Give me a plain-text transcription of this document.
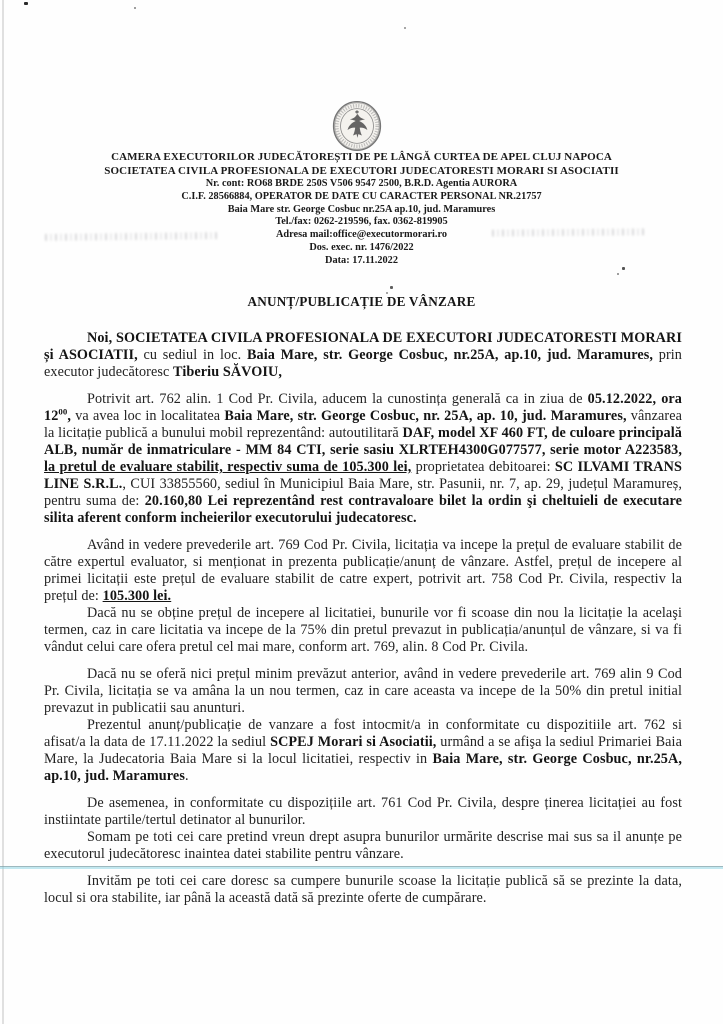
CAMERA EXECUTORILOR JUDECĂTOREȘTI DE PE LÂNGĂ CURTEA DE APEL CLUJ NAPOCA
SOCIETATEA CIVILA PROFESIONALA DE EXECUTORI JUDECATORESTI MORARI SI ASOCIATII
Nr. cont: RO68 BRDE 250S V506 9547 2500, B.R.D. Agentia AURORA
C.I.F. 28566884, OPERATOR DE DATE CU CARACTER PERSONAL NR.21757
Baia Mare str. George Cosbuc nr.25A ap.10, jud. Maramures
Tel./fax: 0262-219596, fax. 0362-819905
Adresa mail:office@executormorari.ro
Dos. exec. nr. 1476/2022
Data: 17.11.2022
ANUNȚ/PUBLICAȚIE DE VÂNZARE

Noi, SOCIETATEA CIVILA PROFESIONALA DE EXECUTORI JUDECATORESTI MORARI și ASOCIATII, cu sediul in loc. Baia Mare, str. George Cosbuc, nr.25A, ap.10, jud. Maramures, prin executor judecătoresc Tiberiu SĂVOIU,

Potrivit art. 762 alin. 1 Cod Pr. Civila, aducem la cunostința generală ca in ziua de 05.12.2022, ora $12^{00}$, va avea loc in localitatea Baia Mare, str. George Cosbuc, nr. 25A, ap. 10, jud. Maramures, vânzarea la licitație publică a bunului mobil reprezentând: autoutilitară DAF, model XF 460 FT, de culoare principală ALB, număr de inmatriculare - MM 84 CTI, serie sasiu XLRTEH4300G077577, serie motor A223583, la pretul de evaluare stabilit, respectiv suma de 105.300 lei, proprietatea debitoarei: SC ILVAMI TRANS LINE S.R.L., CUI 33855560, sediul în Municipiul Baia Mare, str. Pasunii, nr. 7, ap. 29, județul Maramureș, pentru suma de: 20.160,80 Lei reprezentând rest contravaloare bilet la ordin şi cheltuieli de executare silita aferent conform incheierilor executorului judecatoresc.

Având in vedere prevederile art. 769 Cod Pr. Civila, licitația va incepe la prețul de evaluare stabilit de către expertul evaluator, si menționat in prezenta publicație/anunț de vânzare. Astfel, prețul de incepere al primei licitații este prețul de evaluare stabilit de catre expert, potrivit art. 758 Cod Pr. Civila, respectiv la prețul de: 105.300 lei.

Dacă nu se obține prețul de incepere al licitatiei, bunurile vor fi scoase din nou la licitație la acelaşi termen, caz in care licitatia va incepe de la 75% din pretul prevazut in publicația/anunțul de vânzare, si va fi vândut celui care ofera pretul cel mai mare, conform art. 769, alin. 8 Cod Pr. Civila.

Dacă nu se oferă nici prețul minim prevăzut anterior, având in vedere prevederile art. 769 alin 9 Cod Pr. Civila, licitația se va amâna la un nou termen, caz in care aceasta va incepe de la 50% din pretul initial prevazut in publicatii sau anunturi.

Prezentul anunț/publicație de vanzare a fost intocmit/a in conformitate cu dispozitiile art. 762 si afisat/a la data de 17.11.2022 la sediul SCPEJ Morari si Asociatii, urmând a se afişa la sediul Primariei Baia Mare, la Judecatoria Baia Mare si la locul licitatiei, respectiv in Baia Mare, str. George Cosbuc, nr.25A, ap.10, jud. Maramures.

De asemenea, in conformitate cu dispozițiile art. 761 Cod Pr. Civila, despre ținerea licitației au fost instiintate partile/tertul detinator al bunurilor.

Somam pe toti cei care pretind vreun drept asupra bunurilor urmărite descrise mai sus sa il anunțe pe executorul judecătoresc inaintea datei stabilite pentru vânzare.

Invităm pe toti cei care doresc sa cumpere bunurile scoase la licitație publică să se prezinte la data, locul si ora stabilite, iar până la această dată să prezinte oferte de cumpărare.
